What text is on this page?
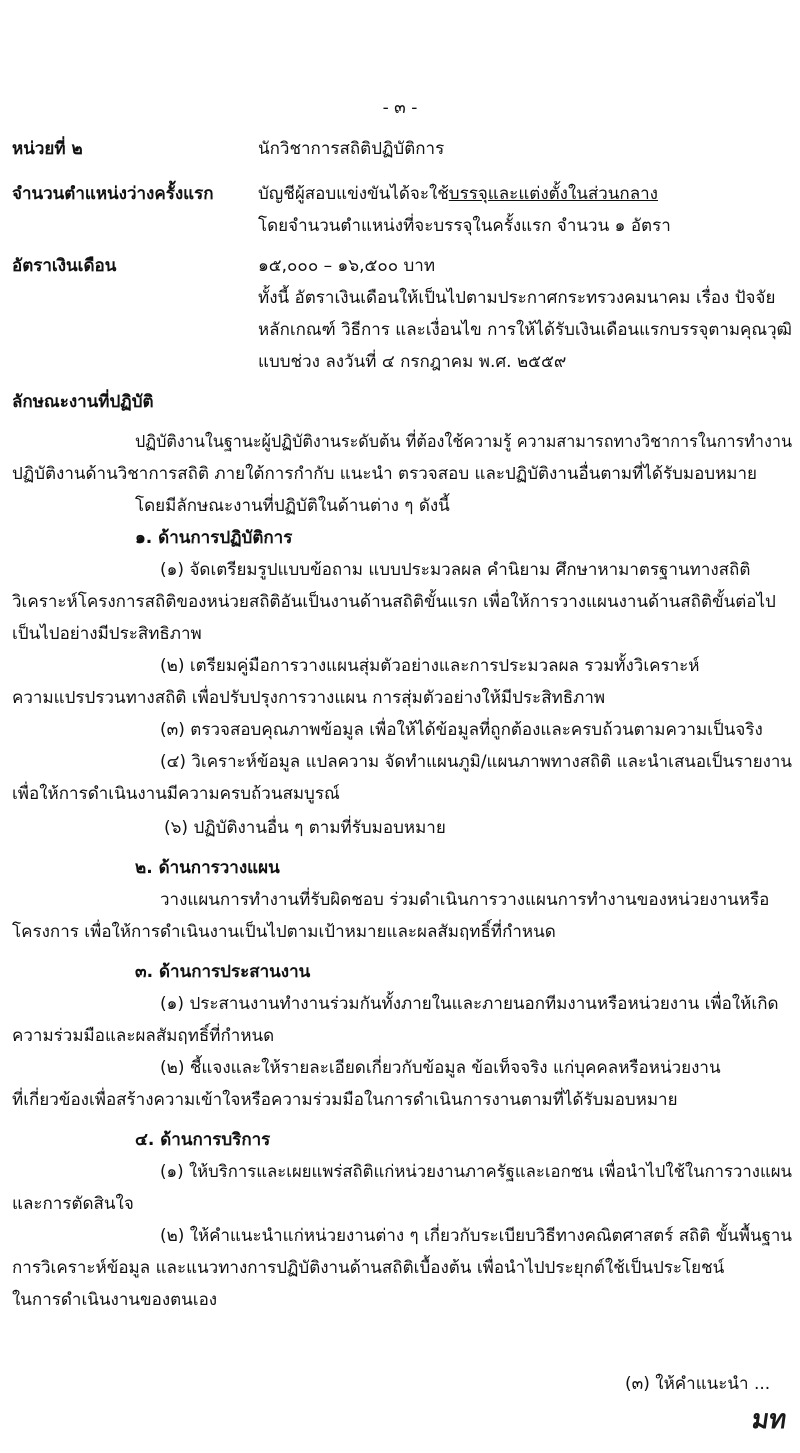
- ๓ -
หน่วยที่ ๒	นักวิชาการสถิติปฏิบัติการ
จำนวนตำแหน่งว่างครั้งแรก	บัญชีผู้สอบแข่งขันได้จะใช้บรรจุและแต่งตั้งในส่วนกลาง
โดยจำนวนตำแหน่งที่จะบรรจุในครั้งแรก จำนวน ๑ อัตรา
อัตราเงินเดือน	๑๕,๐๐๐ – ๑๖,๕๐๐ บาท
ทั้งนี้ อัตราเงินเดือนให้เป็นไปตามประกาศกระทรวงคมนาคม เรื่อง ปัจจัย
หลักเกณฑ์ วิธีการ และเงื่อนไข การให้ได้รับเงินเดือนแรกบรรจุตามคุณวุฒิ
แบบช่วง ลงวันที่ ๔ กรกฎาคม พ.ศ. ๒๕๕๙
ลักษณะงานที่ปฏิบัติ
ปฏิบัติงานในฐานะผู้ปฏิบัติงานระดับต้น ที่ต้องใช้ความรู้ ความสามารถทางวิชาการในการทำงาน
ปฏิบัติงานด้านวิชาการสถิติ ภายใต้การกำกับ แนะนำ ตรวจสอบ และปฏิบัติงานอื่นตามที่ได้รับมอบหมาย
โดยมีลักษณะงานที่ปฏิบัติในด้านต่าง ๆ ดังนี้
๑. ด้านการปฏิบัติการ
(๑) จัดเตรียมรูปแบบข้อถาม แบบประมวลผล คำนิยาม ศึกษาหามาตรฐานทางสถิติ
วิเคราะห์โครงการสถิติของหน่วยสถิติอันเป็นงานด้านสถิติขั้นแรก เพื่อให้การวางแผนงานด้านสถิติขั้นต่อไป
เป็นไปอย่างมีประสิทธิภาพ
(๒) เตรียมคู่มือการวางแผนสุ่มตัวอย่างและการประมวลผล รวมทั้งวิเคราะห์
ความแปรปรวนทางสถิติ เพื่อปรับปรุงการวางแผน การสุ่มตัวอย่างให้มีประสิทธิภาพ
(๓) ตรวจสอบคุณภาพข้อมูล เพื่อให้ได้ข้อมูลที่ถูกต้องและครบถ้วนตามความเป็นจริง
(๔) วิเคราะห์ข้อมูล แปลความ จัดทำแผนภูมิ/แผนภาพทางสถิติ และนำเสนอเป็นรายงาน
เพื่อให้การดำเนินงานมีความครบถ้วนสมบูรณ์
(๖) ปฏิบัติงานอื่น ๆ ตามที่รับมอบหมาย
๒. ด้านการวางแผน
วางแผนการทำงานที่รับผิดชอบ ร่วมดำเนินการวางแผนการทำงานของหน่วยงานหรือ
โครงการ เพื่อให้การดำเนินงานเป็นไปตามเป้าหมายและผลสัมฤทธิ์ที่กำหนด
๓. ด้านการประสานงาน
(๑) ประสานงานทำงานร่วมกันทั้งภายในและภายนอกทีมงานหรือหน่วยงาน เพื่อให้เกิด
ความร่วมมือและผลสัมฤทธิ์ที่กำหนด
(๒) ชี้แจงและให้รายละเอียดเกี่ยวกับข้อมูล ข้อเท็จจริง แก่บุคคลหรือหน่วยงาน
ที่เกี่ยวข้องเพื่อสร้างความเข้าใจหรือความร่วมมือในการดำเนินการงานตามที่ได้รับมอบหมาย
๔. ด้านการบริการ
(๑) ให้บริการและเผยแพร่สถิติแก่หน่วยงานภาครัฐและเอกชน เพื่อนำไปใช้ในการวางแผน
และการตัดสินใจ
(๒) ให้คำแนะนำแก่หน่วยงานต่าง ๆ เกี่ยวกับระเบียบวิธีทางคณิตศาสตร์ สถิติ ขั้นพื้นฐาน
การวิเคราะห์ข้อมูล และแนวทางการปฏิบัติงานด้านสถิติเบื้องต้น เพื่อนำไปประยุกต์ใช้เป็นประโยชน์
ในการดำเนินงานของตนเอง
(๓) ให้คำแนะนำ ...
มท
